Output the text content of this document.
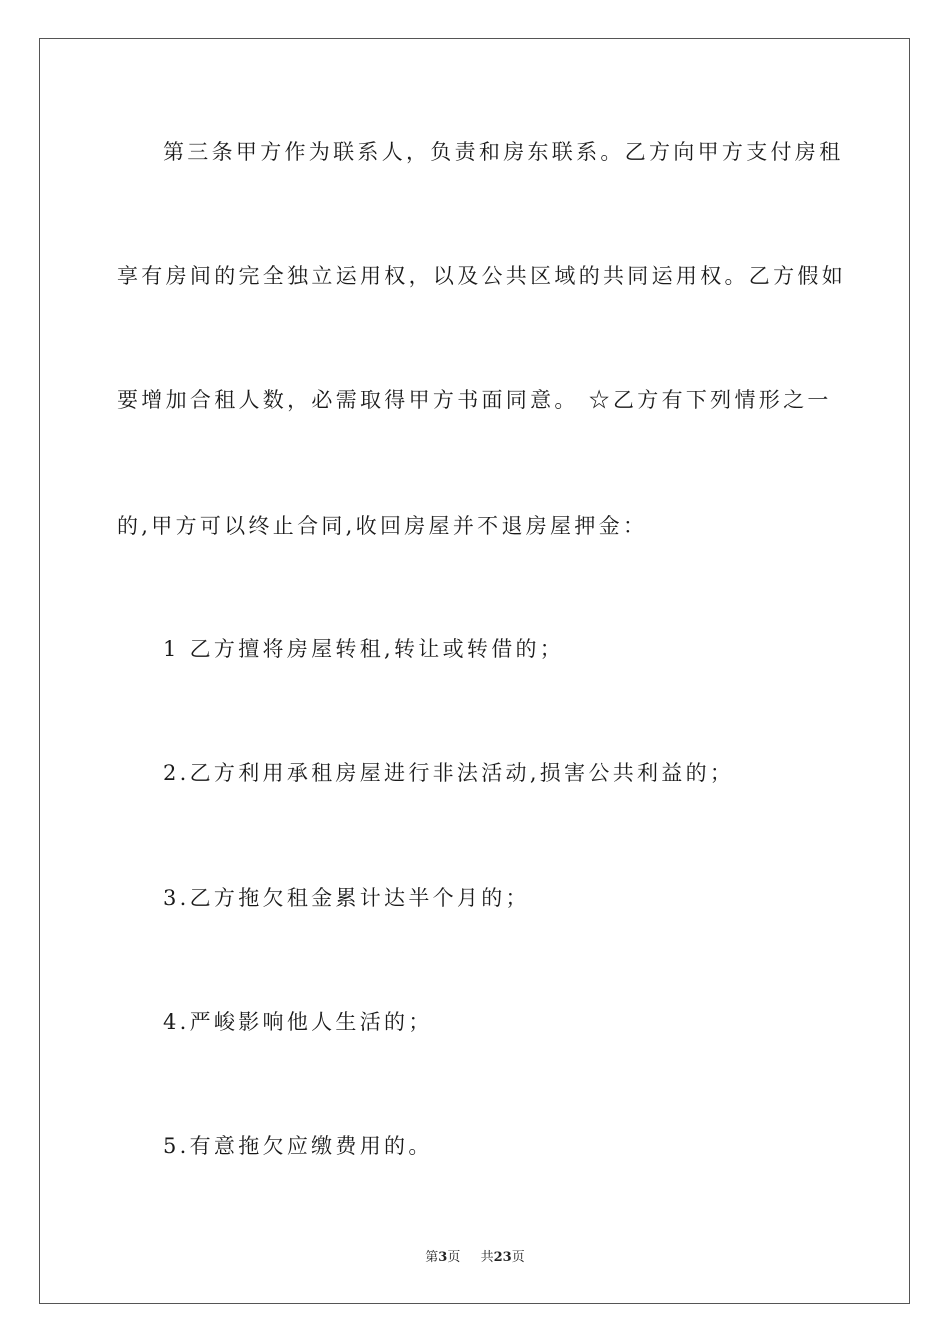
第三条甲方作为联系人，负责和房东联系。乙方向甲方支付房租
享有房间的完全独立运用权，以及公共区域的共同运用权。乙方假如
要增加合租人数，必需取得甲方书面同意。 ☆乙方有下列情形之一
的,甲方可以终止合同,收回房屋并不退房屋押金：
1 乙方擅将房屋转租,转让或转借的；
2.乙方利用承租房屋进行非法活动,损害公共利益的；
3.乙方拖欠租金累计达半个月的；
4.严峻影响他人生活的；
5.有意拖欠应缴费用的。
第3页 共23页
